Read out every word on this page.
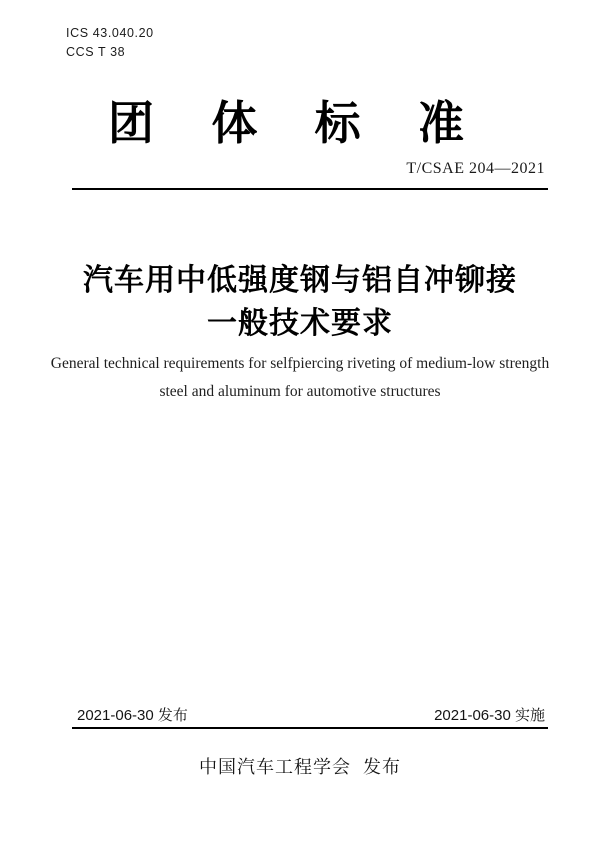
ICS 43.040.20
CCS T 38
团 体 标 准
T/CSAE 204—2021
汽车用中低强度钢与铝自冲铆接
一般技术要求
General technical requirements for selfpiercing riveting of medium-low strength
steel and aluminum for automotive structures
2021-06-30 发布	2021-06-30 实施
中国汽车工程学会  发布
